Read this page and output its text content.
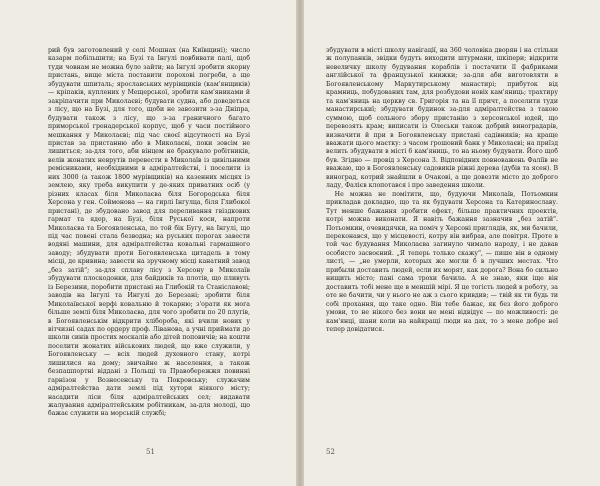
рий був заготовлений у селі Мошнах (на Київщині); число казарм побільшити; на Бузі та Інгулі повбивати палі, щоб туди човнам не можна було зайти; на Інгулі зробити якорну пристань, вище міста поставити порохові погреби, а ще збудувати шпиталь; ярославських мурівщиків (кам'янщиків) — кріпаків, куплених у Мещерської, зробити кам'яниками й закріпачити при Миколаєві; будувати судна, або доведеться з лісу, що на Бузі, для того, щоби не завозити з-за Дніпра, будувати також з лісу, що з-за граничного багато приморської гренадерської корпус, щоб у часи постійного мешкання у Миколаєві; під час своєї відсутності на Бузі пристав за пристанню або в Миколаєві, поки зовсім не лишиться; за-для того, аби вінцем не бракувало робітників, велів жонатих неврутів перевести в Миколаїв із цивільними ремісниками, необхідними в адміралтействі, і поселити із них 3000 (а також 1800 мурівщиків) на казенних місцях із землею, яку треба викупити у де-яких приватних осіб (у різних класах біля Миколаєва біля Богородська біля Херсона у ген. Соймонова — на гирлі Інгулца, біля Глибокої пристані), де збудовано завод для переливання гвіздкових гармат та ядер, на Бузі, біля Руської коси, напроти Миколаєва та Богоявленська, по той бік Бугу, на Інгулі, що під час повені стала безводна; на руських порогах завести водяні машини, для адміралтейства ковальні гармашного заводу; збудувати проти Богоявленська цитадель в тому місці, де кривина; завести на зручному місці канатний завод „без затій"; за-для сплаву лісу з Херсону в Миколаїв збудувати плоскодонки, для байдиків та плотів, що пливуть із Березини, поробити пристані на Глибокій та Станіславові; заводів на Інгулі та Ингулі до Березані; зробити біля Миколаївської верфі ковальню й токарню; з'орати як мога більше землі біля Миколаєва, для чого зробити по 20 плугів, в Богоявленськім відкрити хлібороба, які вчили нових у вітчизні садах по ордеру проф. Ліванова, а учні приймати до школи синів простих москалів або дітей поповичів; на кошти поселити жонатих військових людей, що вже служили, у Богоявленську — всіх людей духовного стану, котрі лишилися на дому; звичайне ж населення, а також безпашпортні віддані з Польщі та Правобережжя повинні гарнізон у Вознесенську та Покровську; служачим адміралтейства дати землі під хутори ніякого місту; насадити ліси біля адміралтейських сел; видавати жалування адміралтейським робітникам, за-для молоді, що бажає служити на морській службі;

51

збудувати в місті школу навігації, на 360 чоловіка дворян і на стільки ж полупанків, звідки будуть виходити штурмани, шкіпери; відкрити невеличку школу будування кораблів і постачити її фабриками англійської та французької книжки; за-для аби виготовляти в Богоявленському Маркутирському манастирі; прибуток від крамниць, побудованих там, для розбудови новіх кам'яниць; трахтиру та кам'яниць на церкву св. Григорія та на її причт, а поселити туди манастирськиї; збудувати будинок за-для адміралтейства з такою суммою, щоб сольного збору пристанію з херсонської юдей, що перевозять крам; виписати із Олеськи також добрий виноградарів, визначити й при в Богоявленську пристані садівників; на краще вважати цього маєтку: з часом грошовий банк у Миколаєві; на приїзд велить збудувати в місті 6 кам'яниць, то на ньому будувати. Його щоб був. Згідно — провід з Херсона 3. Відповідних повноважень Фаліїв не вважаю, що в Богоявленську садовиків ріжні дерева (дубів та ясен). В виноград, котрий знайшли в Очакові, а ще довезти місто до доброго ладу, Фалієв клопотався і про заведення школи.

Не можна не помітити, що, будуючи Миколаїв, Потьомкин прикладав докладно, що та як будувати Херсона та Катеринославу. Тут менше бажання зробити ефект, більше практичних проектів, котрі можна виконати. Я навіть бажання зазначив „без затій". Потьомкин, очевидячки, на поміч у Херсоні приглядів, як, ми бачили, переконався, що у місцевості, котру він вибрав, але повітря. Проте в той час будування Миколаєва загинуло чимало народу, і не давав особисто засвоєний. „Я теперь только скажу", — пише він в одному листі, — „не умерли, которых же могли б в лучших местах. Что прибыли доставить людей, если их морят, как дорога? Вона бо сильно нищить місто; пані сама трохи бачила. А не знаю, яки іще він доставить тобі мене ще в меншій мірі. Я це тогість людей в роботу, за оте не бачити, чи у нього не аж з сього кривдив; — твій як ти будь ти собі прохання, що таке одно. Він тебе бажає, як без його доброго умови, то не нікого без вони не мені відвідує — по можливості: де кам'янці, шани коли на найкращі люди на дах, то з мене добре неї тепер довідатися.

52
